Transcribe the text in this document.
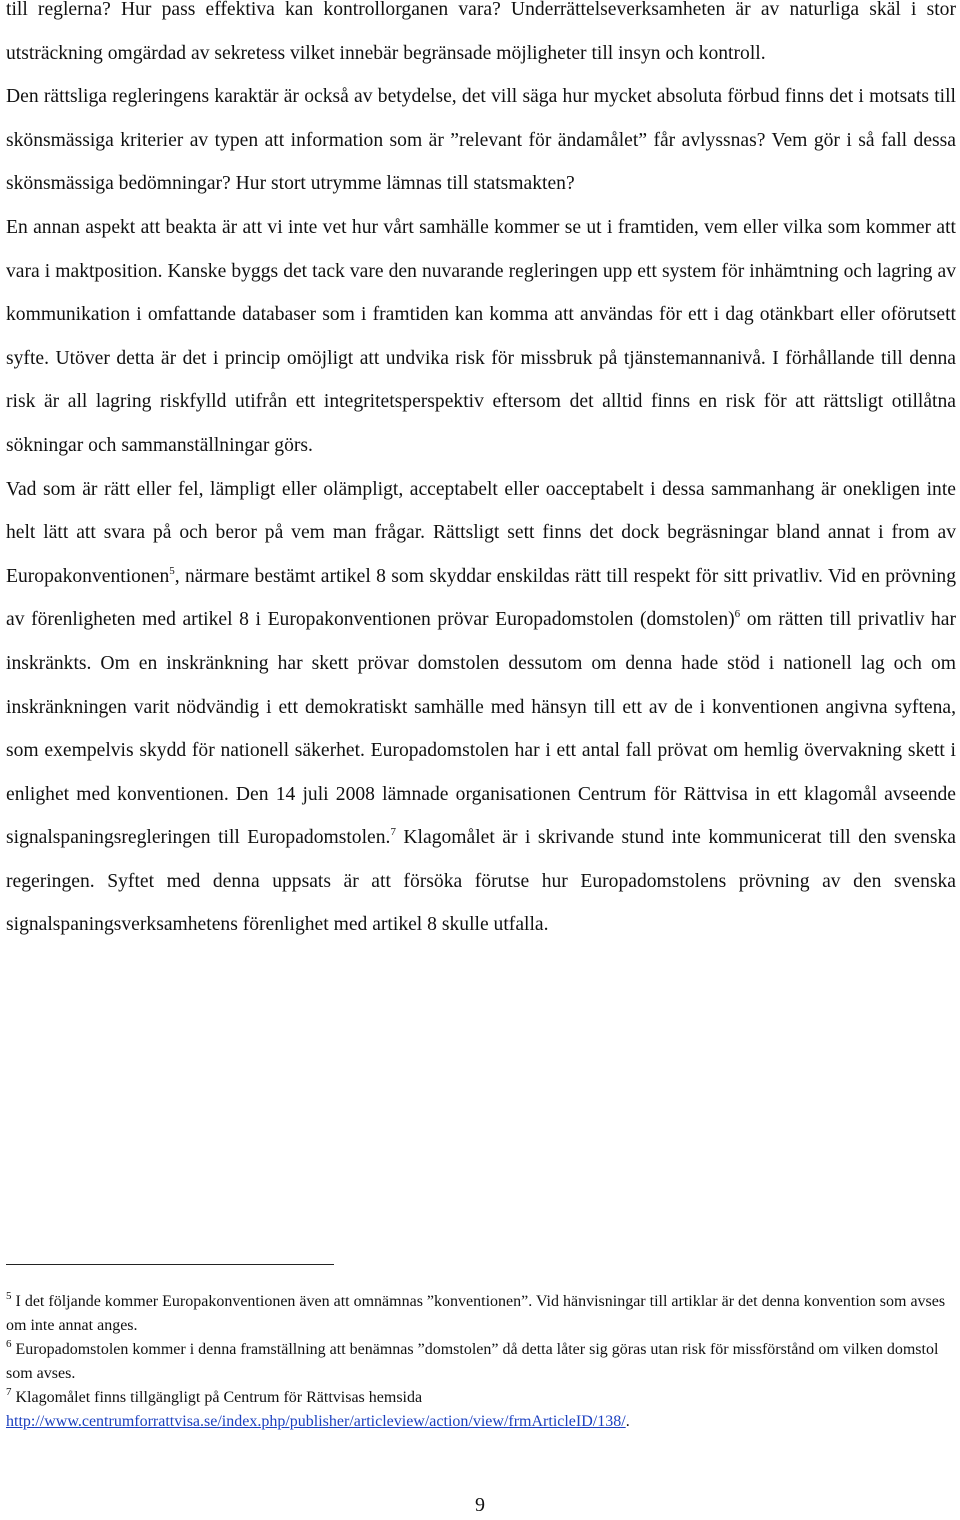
till reglerna? Hur pass effektiva kan kontrollorganen vara? Underrättelseverksamheten är av naturliga skäl i stor utsträckning omgärdad av sekretess vilket innebär begränsade möjligheter till insyn och kontroll.

Den rättsliga regleringens karaktär är också av betydelse, det vill säga hur mycket absoluta förbud finns det i motsats till skönsmässiga kriterier av typen att information som är ”relevant för ändamålet” får avlyssnas? Vem gör i så fall dessa skönsmässiga bedömningar? Hur stort utrymme lämnas till statsmakten?

En annan aspekt att beakta är att vi inte vet hur vårt samhälle kommer se ut i framtiden, vem eller vilka som kommer att vara i maktposition. Kanske byggs det tack vare den nuvarande regleringen upp ett system för inhämtning och lagring av kommunikation i omfattande databaser som i framtiden kan komma att användas för ett i dag otänkbart eller oförutsett syfte. Utöver detta är det i princip omöjligt att undvika risk för missbruk på tjänstemannanivå. I förhållande till denna risk är all lagring riskfylld utifrån ett integritetsperspektiv eftersom det alltid finns en risk för att rättsligt otillåtna sökningar och sammanställningar görs.

Vad som är rätt eller fel, lämpligt eller olämpligt, acceptabelt eller oacceptabelt i dessa sammanhang är onekligen inte helt lätt att svara på och beror på vem man frågar. Rättsligt sett finns det dock begräsningar bland annat i from av Europakonventionen$^5$, närmare bestämt artikel 8 som skyddar enskildas rätt till respekt för sitt privatliv. Vid en prövning av förenligheten med artikel 8 i Europakonventionen prövar Europadomstolen (domstolen)$^6$ om rätten till privatliv har inskränkts. Om en inskränkning har skett prövar domstolen dessutom om denna hade stöd i nationell lag och om inskränkningen varit nödvändig i ett demokratiskt samhälle med hänsyn till ett av de i konventionen angivna syftena, som exempelvis skydd för nationell säkerhet. Europadomstolen har i ett antal fall prövat om hemlig övervakning skett i enlighet med konventionen. Den 14 juli 2008 lämnade organisationen Centrum för Rättvisa in ett klagomål avseende signalspaningsregleringen till Europadomstolen.$^7$ Klagomålet är i skrivande stund inte kommunicerat till den svenska regeringen. Syftet med denna uppsats är att försöka förutse hur Europadomstolens prövning av den svenska signalspaningsverksamhetens förenlighet med artikel 8 skulle utfalla.

$^5$ I det följande kommer Europakonventionen även att omnämnas ”konventionen”. Vid hänvisningar till artiklar är det denna konvention som avses om inte annat anges.

$^6$ Europadomstolen kommer i denna framställning att benämnas ”domstolen” då detta låter sig göras utan risk för missförstånd om vilken domstol som avses.

$^7$ Klagomålet finns tillgängligt på Centrum för Rättvisas hemsida http://www.centrumforrattvisa.se/index.php/publisher/articleview/action/view/frmArticleID/138/.

9
